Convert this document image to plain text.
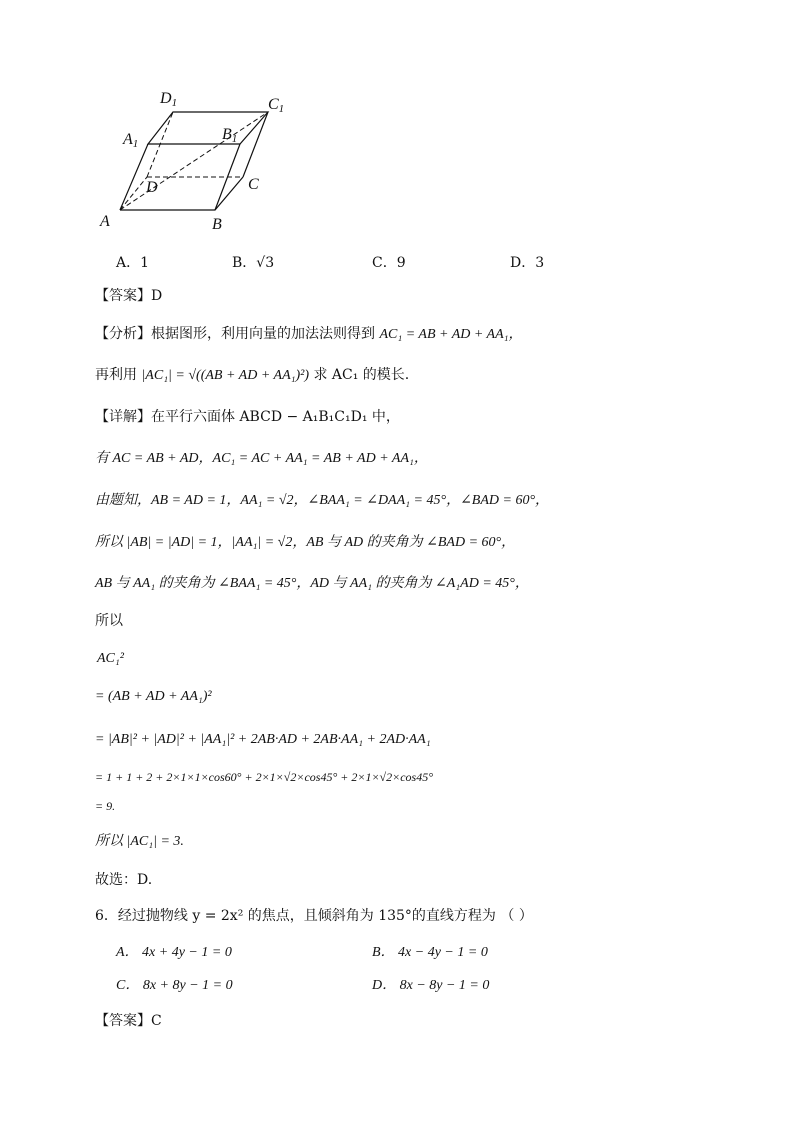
D1	C1
A1
B1
D	C
A	B
A．1	B．√3	C．9	D．3
【答案】D
【分析】根据图形，利用向量的加法法则得到 AC₁ = AB + AD + AA₁，
再利用 |AC₁| = √((AB + AD + AA₁)²) 求 AC₁ 的模长.
【详解】在平行六面体 ABCD − A₁B₁C₁D₁ 中，
有 AC = AB + AD，AC₁ = AC + AA₁ = AB + AD + AA₁，
由题知，AB = AD = 1，AA₁ = √2，∠BAA₁ = ∠DAA₁ = 45°，∠BAD = 60°，
所以 |AB| = |AD| = 1，|AA₁| = √2，AB 与 AD 的夹角为 ∠BAD = 60°，
AB 与 AA₁ 的夹角为 ∠BAA₁ = 45°，AD 与 AA₁ 的夹角为 ∠A₁AD = 45°，
所以
AC₁²
= (AB + AD + AA₁)²
= |AB|² + |AD|² + |AA₁|² + 2AB·AD + 2AB·AA₁ + 2AD·AA₁
= 1 + 1 + 2 + 2×1×1×cos60° + 2×1×√2×cos45° + 2×1×√2×cos45°
= 9.
所以 |AC₁| = 3.
故选：D.
6．经过抛物线 y = 2x² 的焦点，且倾斜角为 135°的直线方程为 （ ）
A． 4x + 4y − 1 = 0	B． 4x − 4y − 1 = 0
C． 8x + 8y − 1 = 0	D． 8x − 8y − 1 = 0
【答案】C
